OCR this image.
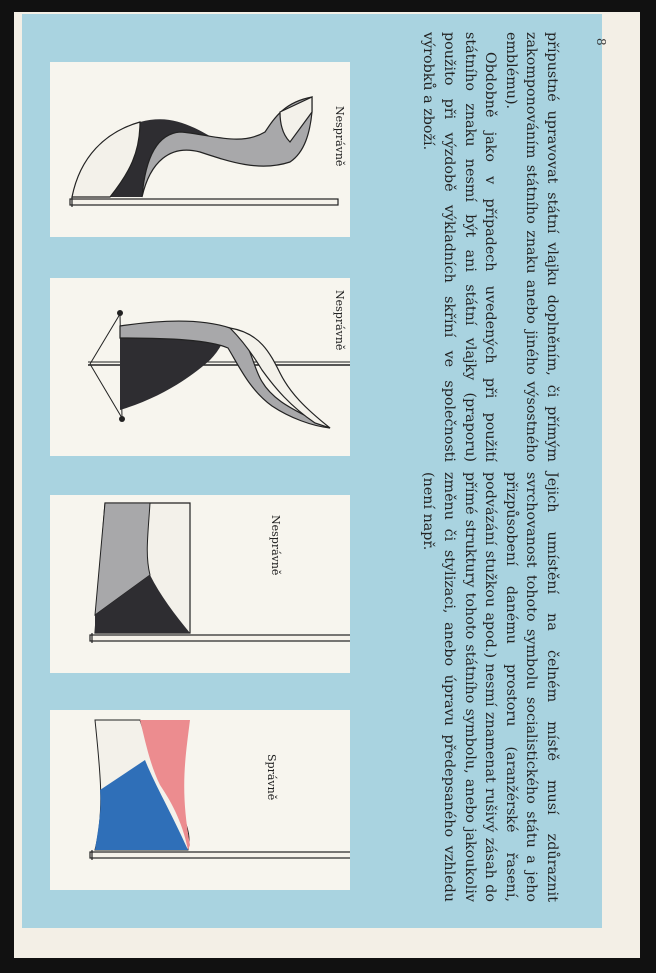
8
Nesprávně
Nesprávně
Nesprávně
Správně	Jejich umístění na čelném místě musí zdůraznit svrchovanost tohoto symbolu socialistického státu a jeho přizpůsobení danému prostoru (aranžérské řasení, podvázání stužkou apod.) nesmí znamenat rušivý zásah do přímé struktury tohoto státního symbolu, anebo jakoukoliv změnu či stylizaci, anebo úpravu předepsaného vzhledu (není např.

přípustné upravovat státní vlajku doplněním, či přímým zakomponováním státního znaku anebo jiného výsostného emblému).

Obdobně jako v případech uvedených při použití státního znaku nesmí být ani státní vlajky (praporu) použito při výzdobě výkladních skříní ve společnosti výrobků a zboží.
